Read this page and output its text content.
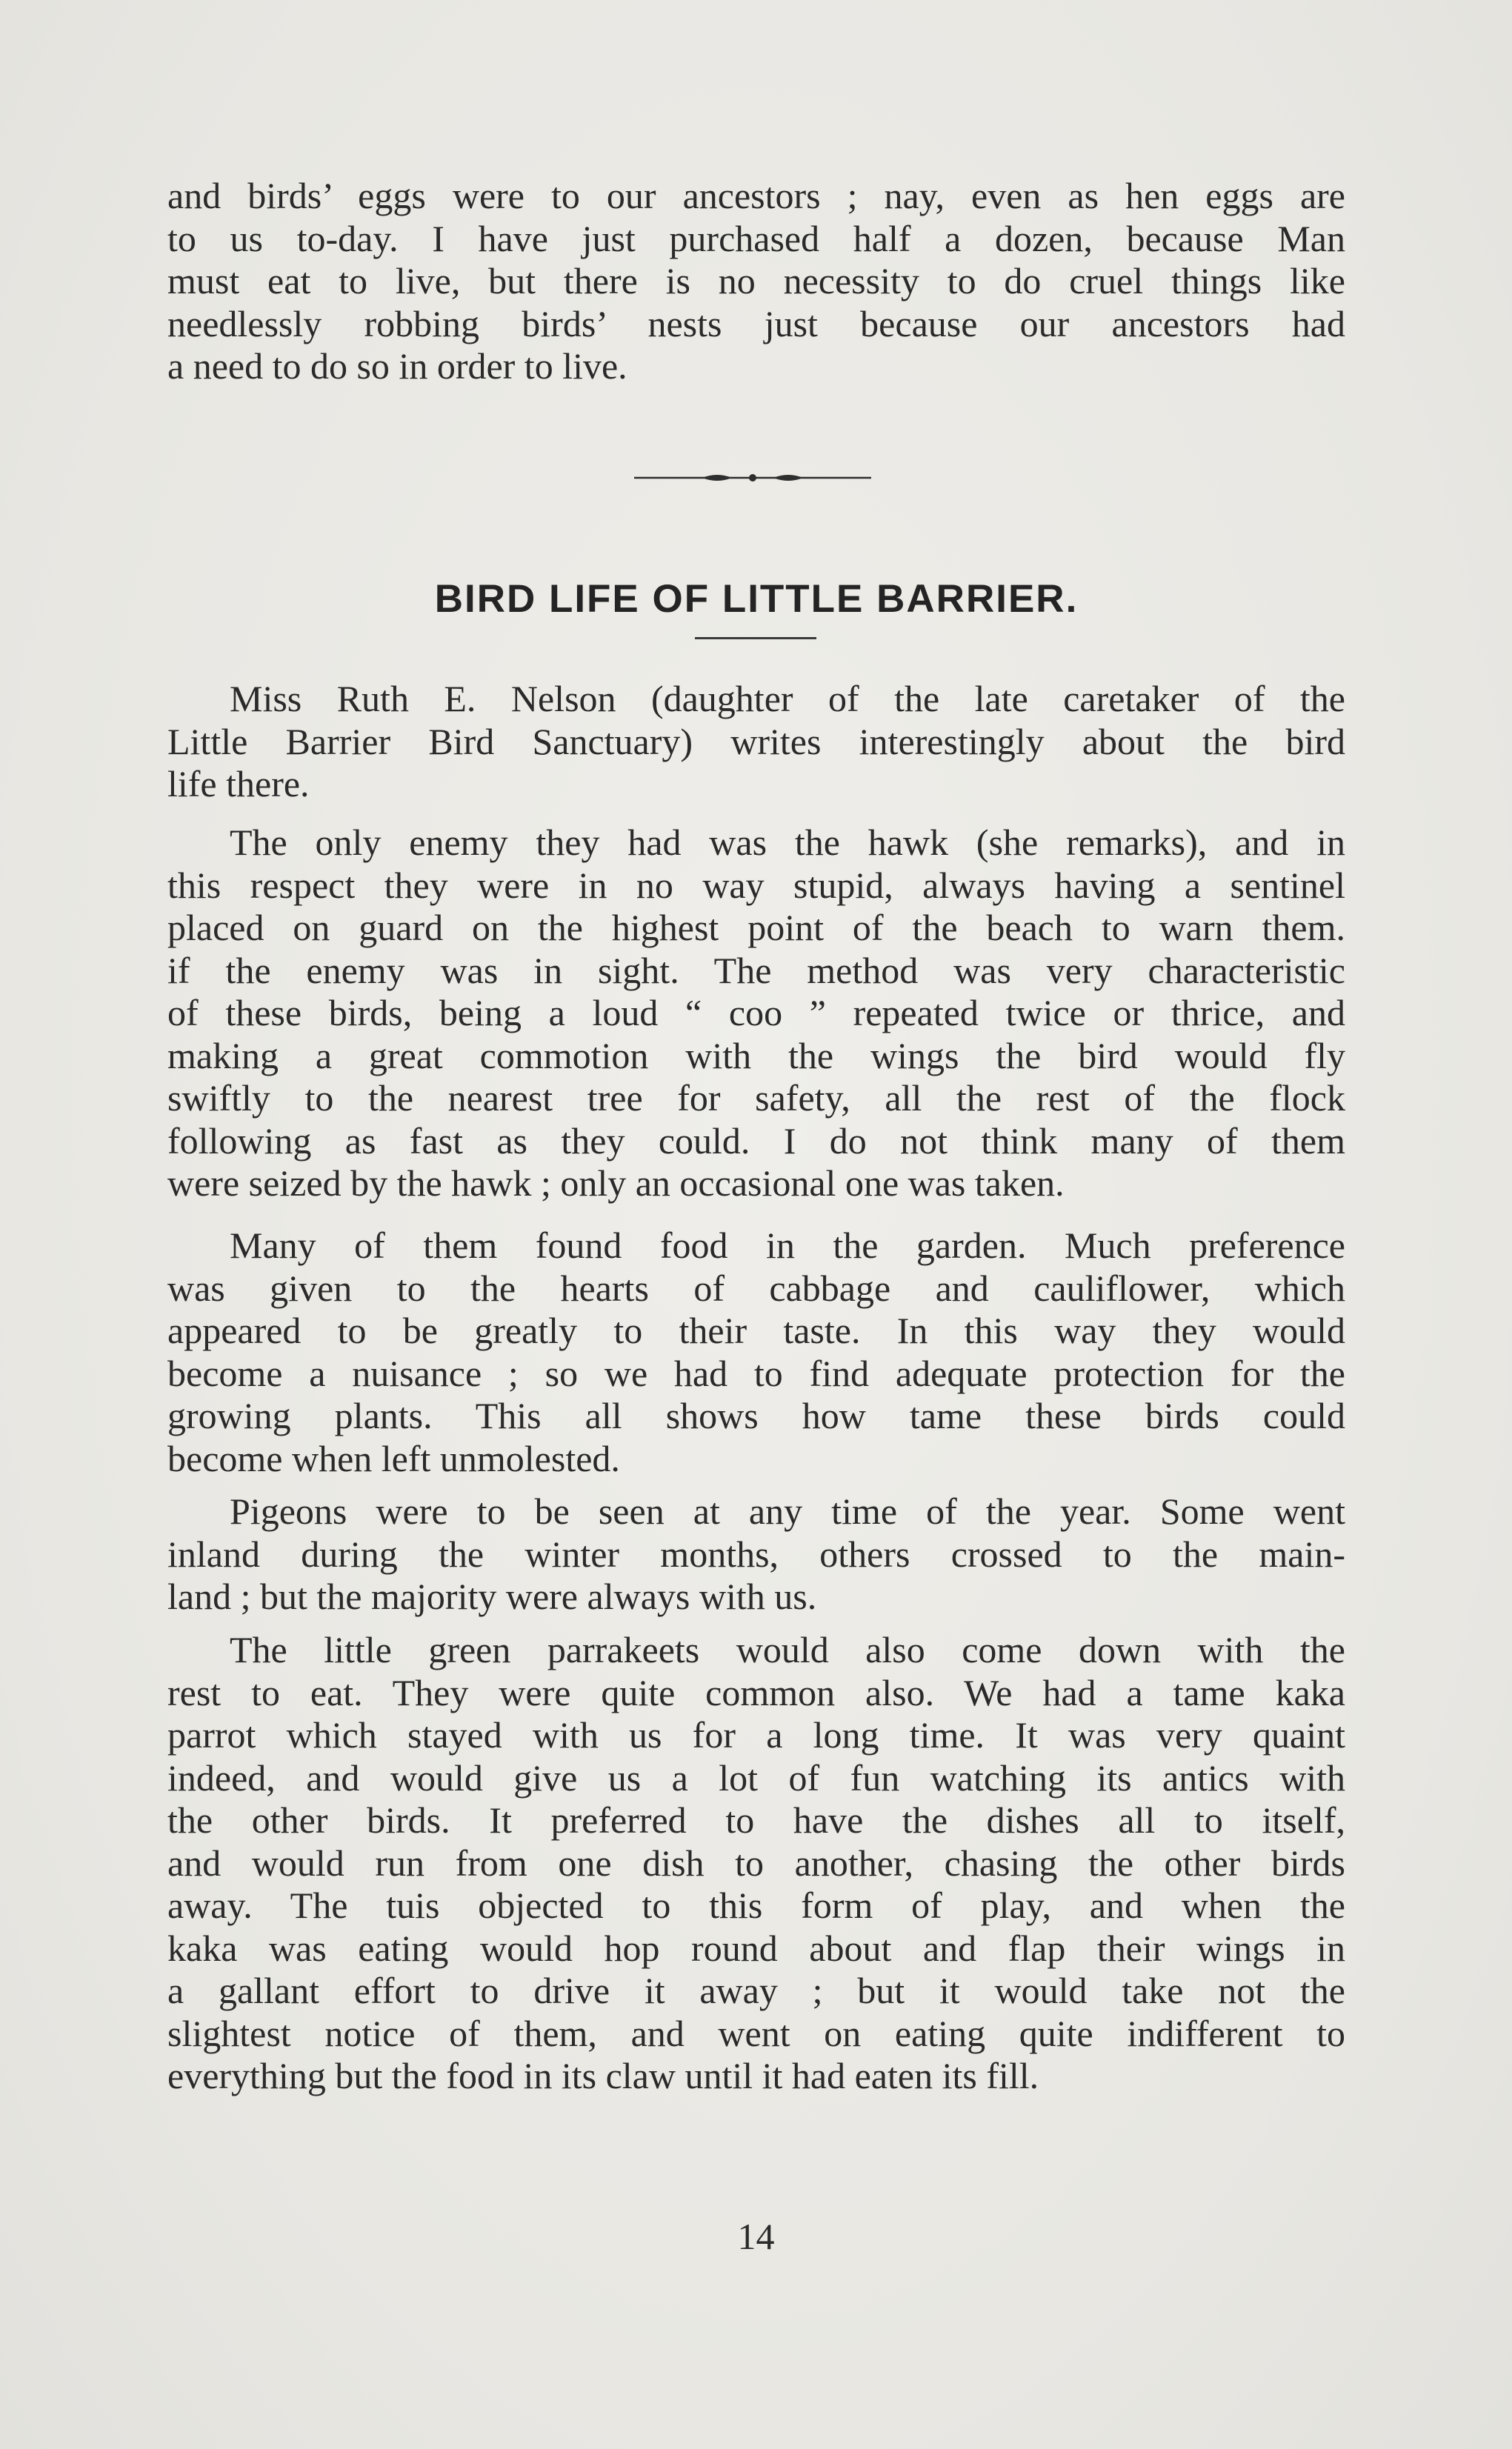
and birds’ eggs were to our ancestors ; nay, even as hen eggs are
to us to-day. I have just purchased half a dozen, because Man
must eat to live, but there is no necessity to do cruel things like
needlessly robbing birds’ nests just because our ancestors had
a need to do so in order to live.

BIRD LIFE OF LITTLE BARRIER.

Miss Ruth E. Nelson (daughter of the late caretaker of the
Little Barrier Bird Sanctuary) writes interestingly about the bird
life there.

The only enemy they had was the hawk (she remarks), and in
this respect they were in no way stupid, always having a sentinel
placed on guard on the highest point of the beach to warn them.
if the enemy was in sight. The method was very characteristic
of these birds, being a loud “ coo ” repeated twice or thrice, and
making a great commotion with the wings the bird would fly
swiftly to the nearest tree for safety, all the rest of the flock
following as fast as they could. I do not think many of them
were seized by the hawk ; only an occasional one was taken.

Many of them found food in the garden. Much preference
was given to the hearts of cabbage and cauliflower, which
appeared to be greatly to their taste. In this way they would
become a nuisance ; so we had to find adequate protection for the
growing plants. This all shows how tame these birds could
become when left unmolested.

Pigeons were to be seen at any time of the year. Some went
inland during the winter months, others crossed to the main-
land ; but the majority were always with us.

The little green parrakeets would also come down with the
rest to eat. They were quite common also. We had a tame kaka
parrot which stayed with us for a long time. It was very quaint
indeed, and would give us a lot of fun watching its antics with
the other birds. It preferred to have the dishes all to itself,
and would run from one dish to another, chasing the other birds
away. The tuis objected to this form of play, and when the
kaka was eating would hop round about and flap their wings in
a gallant effort to drive it away ; but it would take not the
slightest notice of them, and went on eating quite indifferent to
everything but the food in its claw until it had eaten its fill.

14
